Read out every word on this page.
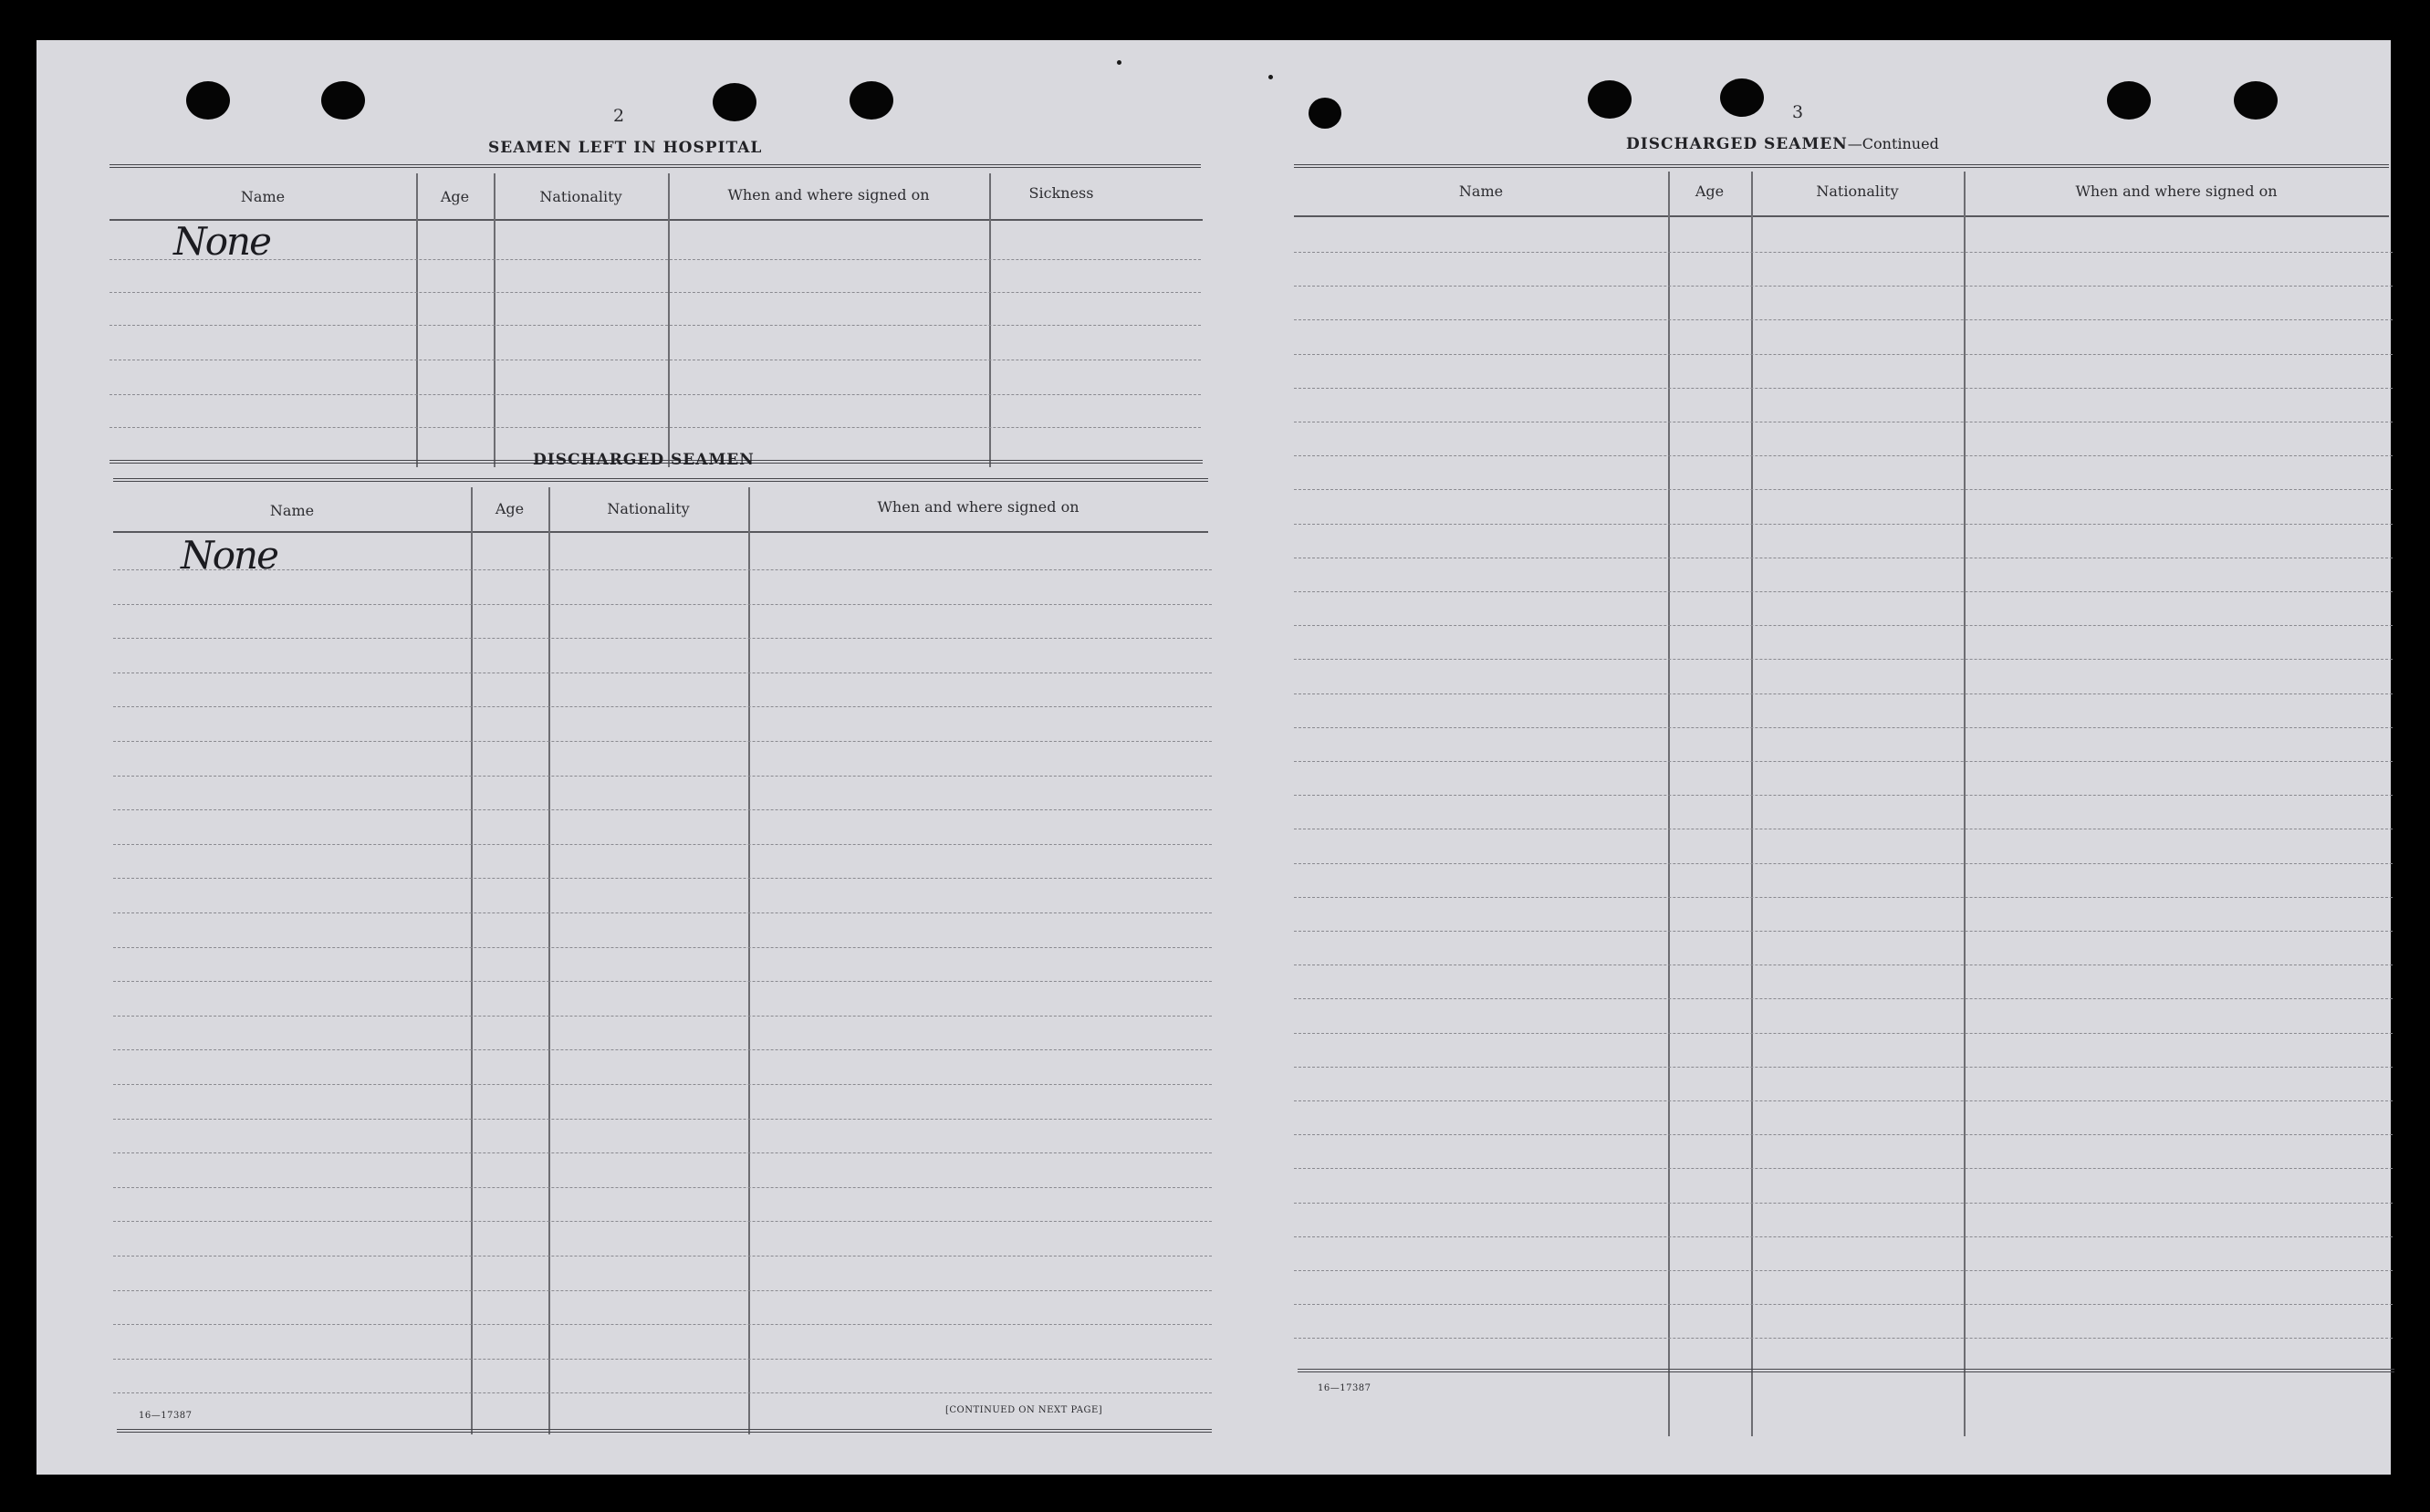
2
SEAMEN LEFT IN HOSPITAL
Name	Age	Nationality	When and where signed on	Sickness
None
DISCHARGED SEAMEN
Name	Age	Nationality	When and where signed on
None
16—17387
[CONTINUED ON NEXT PAGE]
3
DISCHARGED SEAMEN—Continued
Name	Age	Nationality	When and where signed on
16—17387
